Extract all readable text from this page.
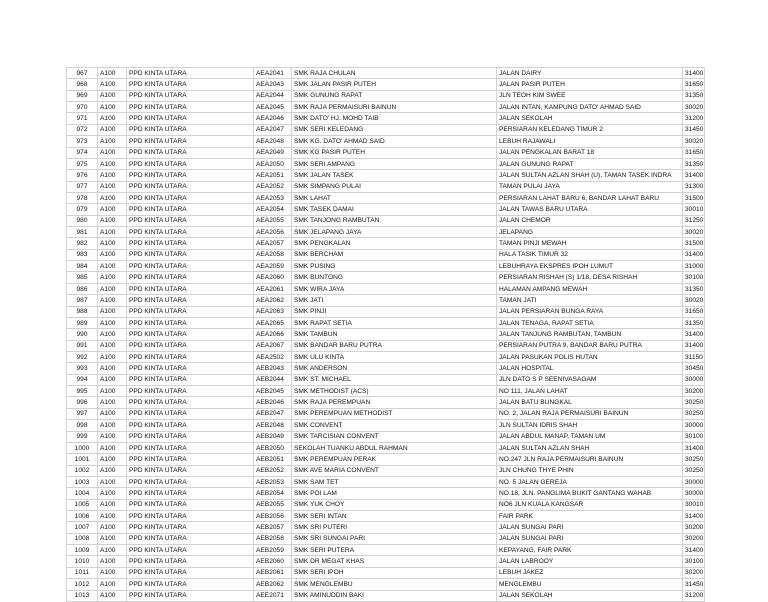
967	A100	PPD KINTA UTARA	AEA2041	SMK RAJA CHULAN	JALAN DAIRY	31400
968	A100	PPD KINTA UTARA	AEA2043	SMK JALAN PASIR PUTEH	JALAN PASIR PUTEH	31650
969	A100	PPD KINTA UTARA	AEA2044	SMK GUNUNG RAPAT	JLN TEOH KIM SWEE	31350
970	A100	PPD KINTA UTARA	AEA2045	SMK RAJA PERMAISURI BAINUN	JALAN INTAN, KAMPUNG DATO' AHMAD SAID	30020
971	A100	PPD KINTA UTARA	AEA2046	SMK DATO' HJ. MOHD TAIB	JALAN SEKOLAH	31200
972	A100	PPD KINTA UTARA	AEA2047	SMK SERI KELEDANG	PERSIARAN KELEDANG TIMUR 2	31450
973	A100	PPD KINTA UTARA	AEA2048	SMK KG. DATO' AHMAD SAID	LEBUH RAJAWALI	30020
974	A100	PPD KINTA UTARA	AEA2049	SMK KG PASIR PUTEH	JALAN PENGKALAN BARAT 18	31650
975	A100	PPD KINTA UTARA	AEA2050	SMK SERI AMPANG	JALAN GUNUNG RAPAT	31350
976	A100	PPD KINTA UTARA	AEA2051	SMK JALAN TASEK	JALAN SULTAN AZLAN SHAH (U), TAMAN TASEK INDRA	31400
977	A100	PPD KINTA UTARA	AEA2052	SMK SIMPANG PULAI	TAMAN PULAI JAYA	31300
978	A100	PPD KINTA UTARA	AEA2053	SMK LAHAT	PERSIARAN LAHAT BARU 6, BANDAR LAHAT BARU	31500
979	A100	PPD KINTA UTARA	AEA2054	SMK TASEK DAMAI	JALAN TAWAS BARU UTARA	30010
980	A100	PPD KINTA UTARA	AEA2055	SMK TANJONG RAMBUTAN	JALAN CHEMOR	31250
981	A100	PPD KINTA UTARA	AEA2056	SMK JELAPANG JAYA	JELAPANG	30020
982	A100	PPD KINTA UTARA	AEA2057	SMK PENGKALAN	TAMAN PINJI MEWAH	31500
983	A100	PPD KINTA UTARA	AEA2058	SMK BERCHAM	HALA TASIK TIMUR 32	31400
984	A100	PPD KINTA UTARA	AEA2059	SMK PUSING	LEBUHRAYA EKSPRES IPOH LUMUT	31000
985	A100	PPD KINTA UTARA	AEA2060	SMK BUNTONG	PERSIARAN RISHAH (S) 1/18, DESA RISHAH	30100
986	A100	PPD KINTA UTARA	AEA2061	SMK WIRA JAYA	HALAMAN AMPANG MEWAH	31350
987	A100	PPD KINTA UTARA	AEA2062	SMK JATI	TAMAN JATI	30020
988	A100	PPD KINTA UTARA	AEA2063	SMK PINJI	JALAN PERSIARAN BUNGA RAYA	31650
989	A100	PPD KINTA UTARA	AEA2065	SMK RAPAT SETIA	JALAN TENAGA, RAPAT SETIA	31350
990	A100	PPD KINTA UTARA	AEA2066	SMK TAMBUN	JALAN TANJUNG RAMBUTAN, TAMBUN	31400
991	A100	PPD KINTA UTARA	AEA2067	SMK BANDAR BARU PUTRA	PERSIARAN PUTRA 9, BANDAR BARU PUTRA	31400
992	A100	PPD KINTA UTARA	AEA2502	SMK ULU KINTA	JALAN PASUKAN POLIS HUTAN	31150
993	A100	PPD KINTA UTARA	AEB2043	SMK ANDERSON	JALAN HOSPITAL	30450
994	A100	PPD KINTA UTARA	AEB2044	SMK ST. MICHAEL	JLN DATO S P SEENIVASAGAM	30000
995	A100	PPD KINTA UTARA	AEB2045	SMK METHODIST (ACS)	NO 111, JALAN LAHAT	30200
996	A100	PPD KINTA UTARA	AEB2046	SMK RAJA PEREMPUAN	JALAN BATU BUNGKAL	30250
997	A100	PPD KINTA UTARA	AEB2047	SMK PEREMPUAN METHODIST	NO. 2, JALAN RAJA PERMAISURI BAINUN	30250
998	A100	PPD KINTA UTARA	AEB2048	SMK CONVENT	JLN SULTAN IDRIS SHAH	30000
999	A100	PPD KINTA UTARA	AEB2049	SMK TARCISIAN CONVENT	JALAN ABDUL MANAP, TAMAN UM	30100
1000	A100	PPD KINTA UTARA	AEB2050	SEKOLAH TUANKU ABDUL RAHMAN	JALAN SULTAN AZLAN SHAH	31400
1001	A100	PPD KINTA UTARA	AEB2051	SMK PEREMPUAN PERAK	NO.247 JLN RAJA PERMAISURI BAINUN	30250
1002	A100	PPD KINTA UTARA	AEB2052	SMK AVE MARIA CONVENT	JLN CHUNG THYE PHIN	30250
1003	A100	PPD KINTA UTARA	AEB2053	SMK SAM TET	NO. 5 JALAN GEREJA	30000
1004	A100	PPD KINTA UTARA	AEB2054	SMK POI LAM	NO.18, JLN. PANGLIMA BUKIT GANTANG WAHAB	30000
1005	A100	PPD KINTA UTARA	AEB2055	SMK YUK CHOY	NO6 JLN KUALA KANGSAR	30010
1006	A100	PPD KINTA UTARA	AEB2056	SMK SERI INTAN	FAIR PARK	31400
1007	A100	PPD KINTA UTARA	AEB2057	SMK SRI PUTERI	JALAN SUNGAI PARI	30200
1008	A100	PPD KINTA UTARA	AEB2058	SMK SRI SUNGAI PARI	JALAN SUNGAI PARI	30200
1009	A100	PPD KINTA UTARA	AEB2059	SMK SERI PUTERA	KEPAYANG, FAIR PARK	31400
1010	A100	PPD KINTA UTARA	AEB2060	SMK DR MEGAT KHAS	JALAN LABROOY	30100
1011	A100	PPD KINTA UTARA	AEB2061	SMK SERI IPOH	LEBUH JAKEZ	30200
1012	A100	PPD KINTA UTARA	AEB2062	SMK MENGLEMBU	MENGLEMBU	31450
1013	A100	PPD KINTA UTARA	AEE2071	SMK AMINUDDIN BAKI	JALAN SEKOLAH	31200
